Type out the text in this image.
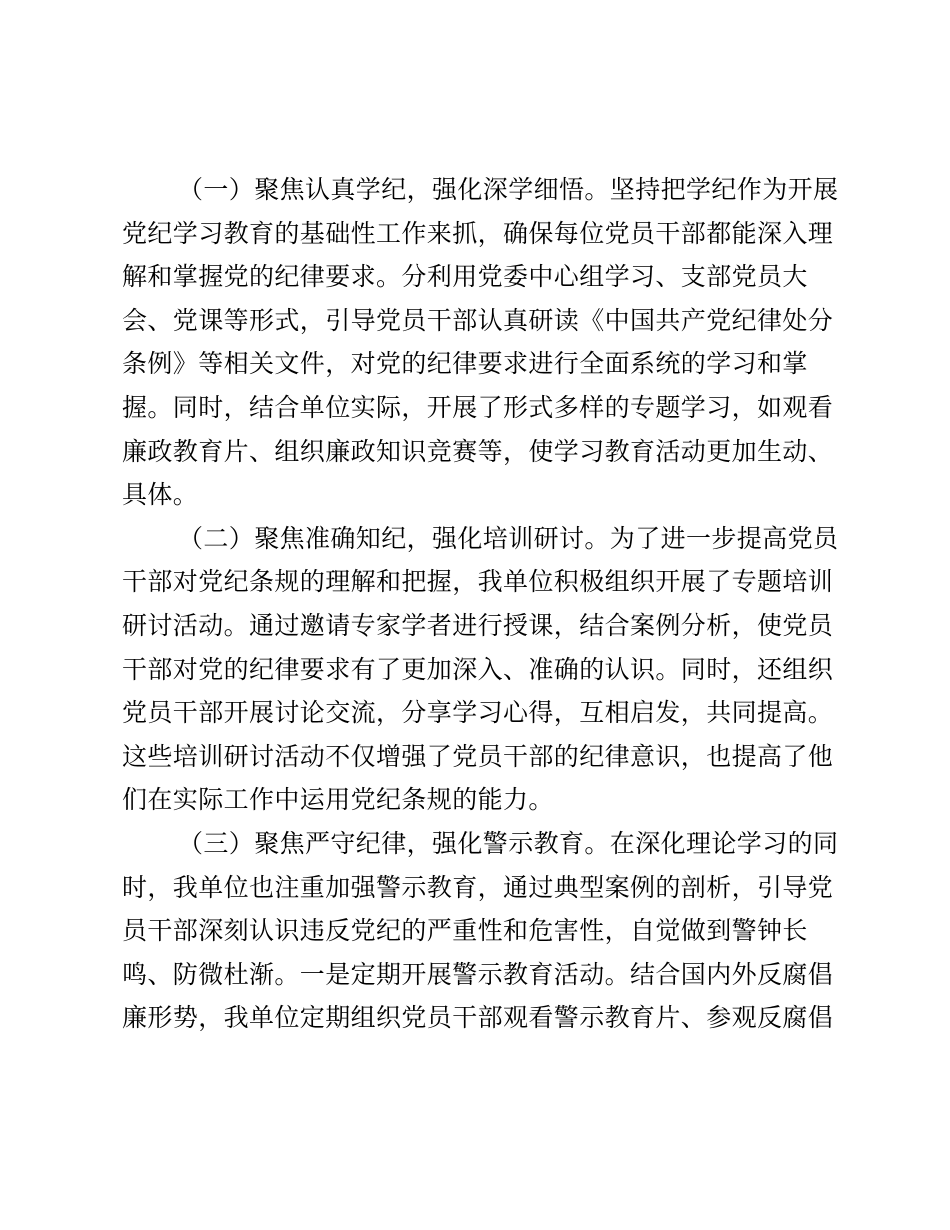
（一）聚焦认真学纪，强化深学细悟。坚持把学纪作为开展
党纪学习教育的基础性工作来抓，确保每位党员干部都能深入理
解和掌握党的纪律要求。分利用党委中心组学习、支部党员大
会、党课等形式，引导党员干部认真研读《中国共产党纪律处分
条例》等相关文件，对党的纪律要求进行全面系统的学习和掌
握。同时，结合单位实际，开展了形式多样的专题学习，如观看
廉政教育片、组织廉政知识竞赛等，使学习教育活动更加生动、
具体。
（二）聚焦准确知纪，强化培训研讨。为了进一步提高党员
干部对党纪条规的理解和把握，我单位积极组织开展了专题培训
研讨活动。通过邀请专家学者进行授课，结合案例分析，使党员
干部对党的纪律要求有了更加深入、准确的认识。同时，还组织
党员干部开展讨论交流，分享学习心得，互相启发，共同提高。
这些培训研讨活动不仅增强了党员干部的纪律意识，也提高了他
们在实际工作中运用党纪条规的能力。
（三）聚焦严守纪律，强化警示教育。在深化理论学习的同
时，我单位也注重加强警示教育，通过典型案例的剖析，引导党
员干部深刻认识违反党纪的严重性和危害性，自觉做到警钟长
鸣、防微杜渐。一是定期开展警示教育活动。结合国内外反腐倡
廉形势，我单位定期组织党员干部观看警示教育片、参观反腐倡
